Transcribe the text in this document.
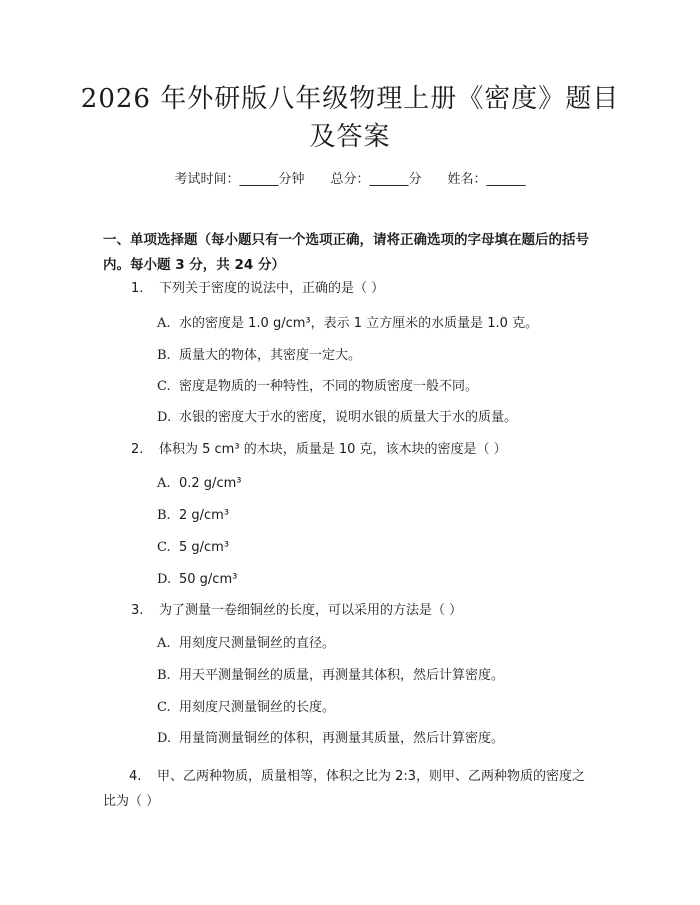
2026 年外研版八年级物理上册《密度》题目及答案
考试时间：______分钟 总分：______分 姓名：______
一、单项选择题（每小题只有一个选项正确，请将正确选项的字母填在题后的括号内。每小题 3 分，共 24 分）
1. 下列关于密度的说法中，正确的是（ ）
A. 水的密度是 1.0 g/cm³，表示 1 立方厘米的水质量是 1.0 克。
B. 质量大的物体，其密度一定大。
C. 密度是物质的一种特性，不同的物质密度一般不同。
D. 水银的密度大于水的密度，说明水银的质量大于水的质量。
2. 体积为 5 cm³ 的木块，质量是 10 克，该木块的密度是（ ）
A. 0.2 g/cm³
B. 2 g/cm³
C. 5 g/cm³
D. 50 g/cm³
3. 为了测量一卷细铜丝的长度，可以采用的方法是（ ）
A. 用刻度尺测量铜丝的直径。
B. 用天平测量铜丝的质量，再测量其体积，然后计算密度。
C. 用刻度尺测量铜丝的长度。
D. 用量筒测量铜丝的体积，再测量其质量，然后计算密度。
4. 甲、乙两种物质，质量相等，体积之比为 2:3，则甲、乙两种物质的密度之比为（ ）
